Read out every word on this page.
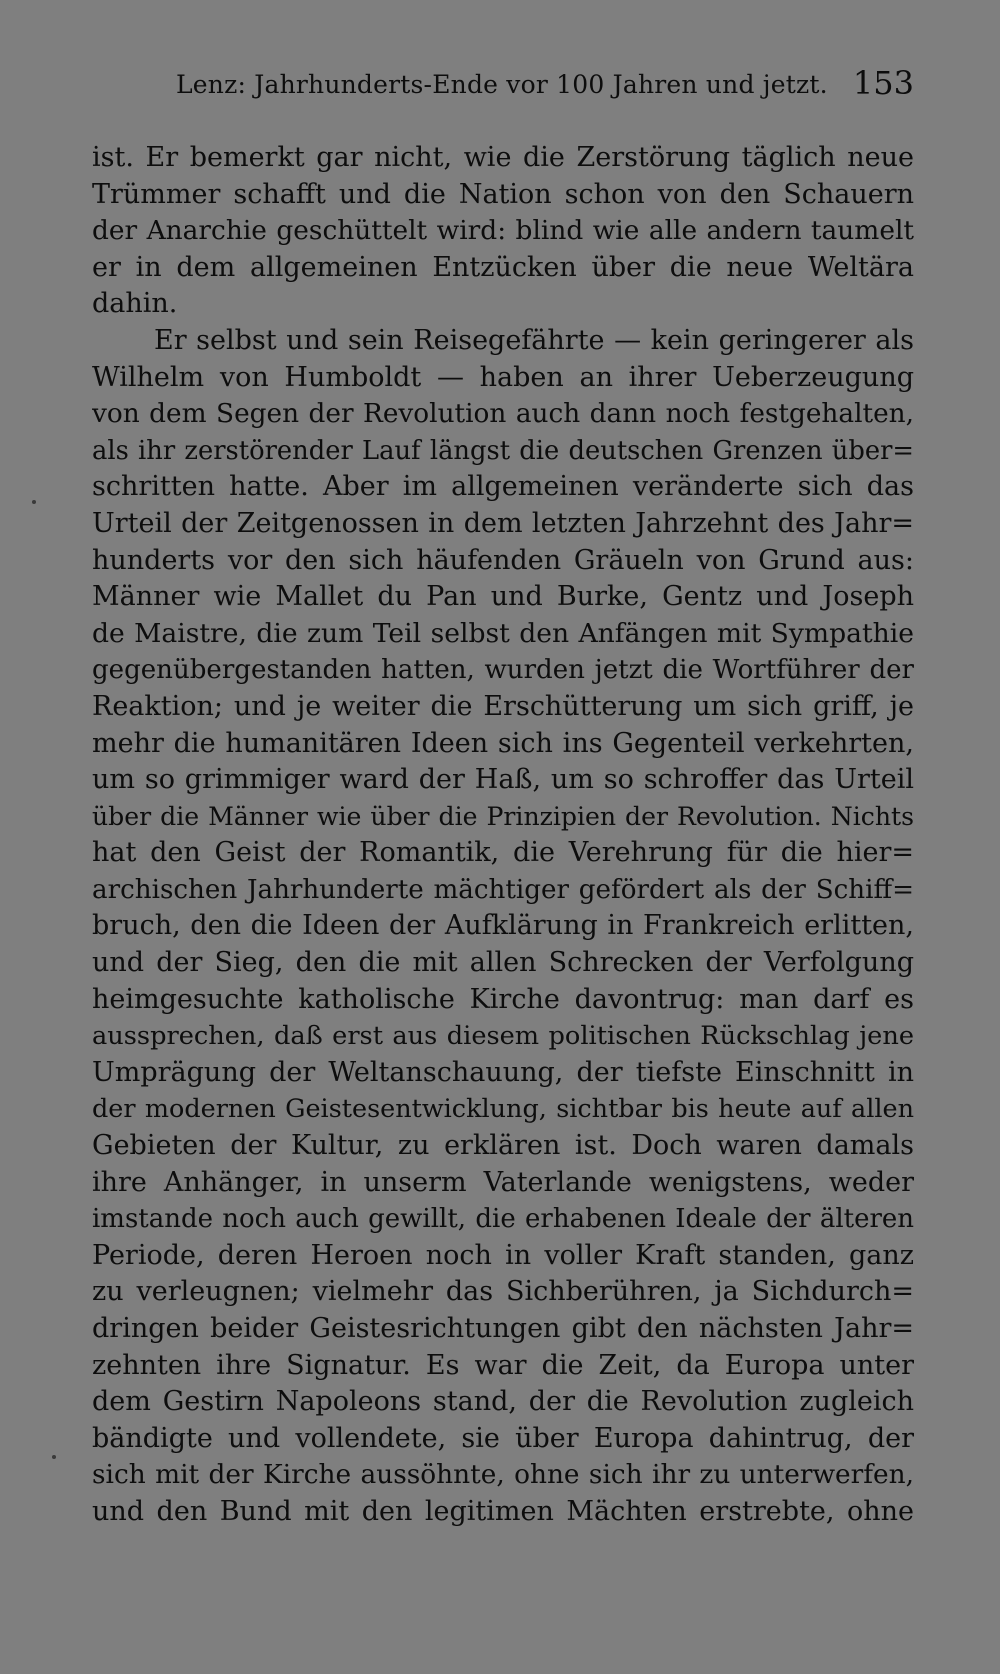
Lenz: Jahrhunderts-Ende vor 100 Jahren und jetzt. 153
ist. Er bemerkt gar nicht, wie die Zerstörung täglich neue
Trümmer schafft und die Nation schon von den Schauern
der Anarchie geschüttelt wird: blind wie alle andern taumelt
er in dem allgemeinen Entzücken über die neue Weltära
dahin.
Er selbst und sein Reisegefährte — kein geringerer als
Wilhelm von Humboldt — haben an ihrer Ueberzeugung
von dem Segen der Revolution auch dann noch festgehalten,
als ihr zerstörender Lauf längst die deutschen Grenzen über=
schritten hatte. Aber im allgemeinen veränderte sich das
Urteil der Zeitgenossen in dem letzten Jahrzehnt des Jahr=
hunderts vor den sich häufenden Gräueln von Grund aus:
Männer wie Mallet du Pan und Burke, Gentz und Joseph
de Maistre, die zum Teil selbst den Anfängen mit Sympathie
gegenübergestanden hatten, wurden jetzt die Wortführer der
Reaktion; und je weiter die Erschütterung um sich griff, je
mehr die humanitären Ideen sich ins Gegenteil verkehrten,
um so grimmiger ward der Haß, um so schroffer das Urteil
über die Männer wie über die Prinzipien der Revolution. Nichts
hat den Geist der Romantik, die Verehrung für die hier=
archischen Jahrhunderte mächtiger gefördert als der Schiff=
bruch, den die Ideen der Aufklärung in Frankreich erlitten,
und der Sieg, den die mit allen Schrecken der Verfolgung
heimgesuchte katholische Kirche davontrug: man darf es
aussprechen, daß erst aus diesem politischen Rückschlag jene
Umprägung der Weltanschauung, der tiefste Einschnitt in
der modernen Geistesentwicklung, sichtbar bis heute auf allen
Gebieten der Kultur, zu erklären ist. Doch waren damals
ihre Anhänger, in unserm Vaterlande wenigstens, weder
imstande noch auch gewillt, die erhabenen Ideale der älteren
Periode, deren Heroen noch in voller Kraft standen, ganz
zu verleugnen; vielmehr das Sichberühren, ja Sichdurch=
dringen beider Geistesrichtungen gibt den nächsten Jahr=
zehnten ihre Signatur. Es war die Zeit, da Europa unter
dem Gestirn Napoleons stand, der die Revolution zugleich
bändigte und vollendete, sie über Europa dahintrug, der
sich mit der Kirche aussöhnte, ohne sich ihr zu unterwerfen,
und den Bund mit den legitimen Mächten erstrebte, ohne
